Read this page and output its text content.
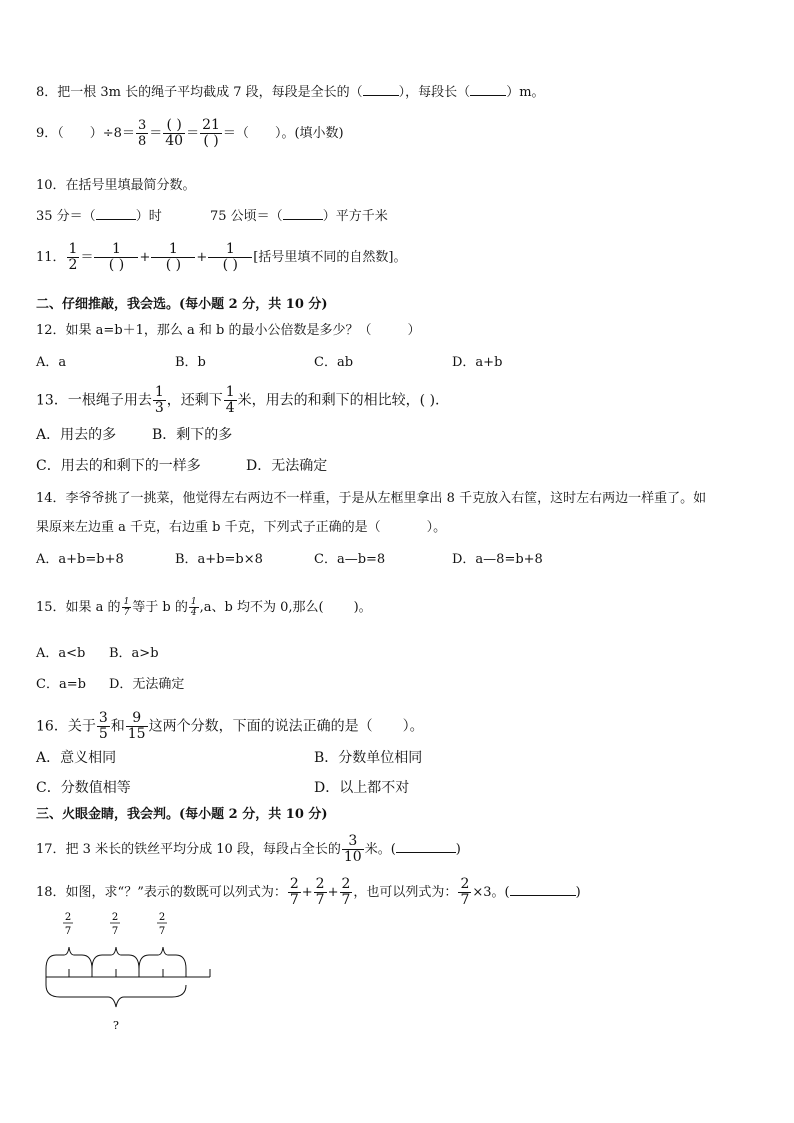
8．把一根 3m 长的绳子平均截成 7 段，每段是全长的（	），每段长（	）m。
9．（ ）$\div 8= \frac{3}{8} = \frac{( )}{40} = \frac{21}{( )}$ ＝（ ）。(填小数)
10．在括号里填最简分数。
35 分＝（	）时	75 公顷＝（	）平方千米
11． $\frac{1}{2} = \frac{1}{( )} + \frac{1}{( )} + \frac{1}{( )}$ [括号里填不同的自然数]。
二、仔细推敲，我会选。(每小题 2 分，共 10 分)
12．如果 a=b＋1，那么 a 和 b 的最小公倍数是多少？（	）
A．a	B．b	C．ab	D．a+b
13．一根绳子用去 $\frac{1}{3}$ ，还剩下 $\frac{1}{4}$ 米，用去的和剩下的相比较，( ).
A．用去的多	B．剩下的多
C．用去的和剩下的一样多	D．无法确定
14．李爷爷挑了一挑菜，他觉得左右两边不一样重，于是从左框里拿出 8 千克放入右筐，这时左右两边一样重了。如
果原来左边重 a 千克，右边重 b 千克，下列式子正确的是（	）。
A．a+b=b+8	B．a+b=b×8	C．a—b=8	D．a—8=b+8
15．如果 a 的 $\frac{1}{7}$ 等于 b 的 $\frac{1}{4} ,a$、b 均不为 0,那么( )。
A．a<b B．a>b
C．a=b D．无法确定
16．关于 $\frac{3}{5}$ 和 $\frac{9}{15}$ 这两个分数，下面的说法正确的是（ ）。
A．意义相同	B．分数单位相同
C．分数值相等	D．以上都不对
三、火眼金睛，我会判。(每小题 2 分，共 10 分)
17．把 3 米长的铁丝平均分成 10 段，每段占全长的 $\frac{3}{10}$ 米。(	)
18．如图，求“？”表示的数既可以列式为： $\frac{2}{7} + \frac{2}{7} + \frac{2}{7}$ ，也可以列式为： $\frac{2}{7} \times 3$。(	)
2
7
2
7
2
7
?
